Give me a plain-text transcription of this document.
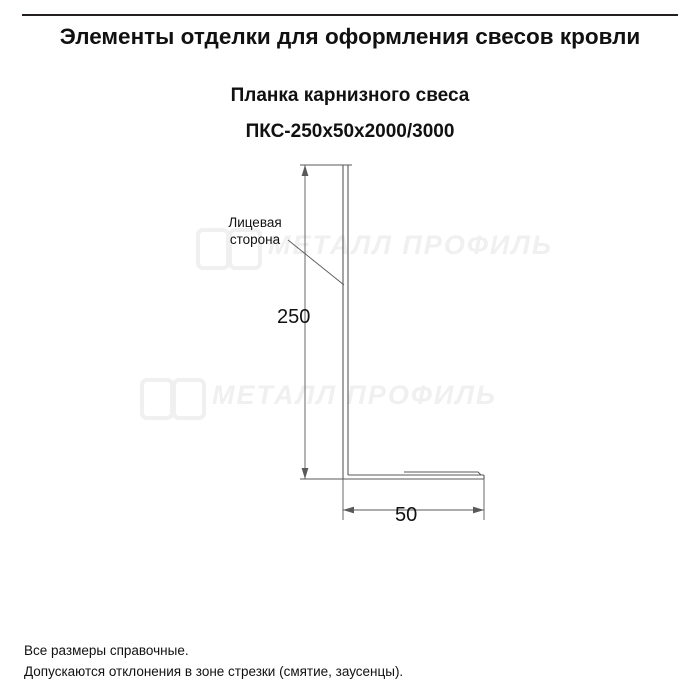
Элементы отделки для оформления свесов кровли
Планка карнизного свеса
ПКС-250х50х2000/3000
МЕТАЛЛ ПРОФИЛЬ
МЕТАЛЛ ПРОФИЛЬ
Лицевая
сторона
250
50
Все размеры справочные.
Допускаются отклонения в зоне стрезки (смятие, заусенцы).
